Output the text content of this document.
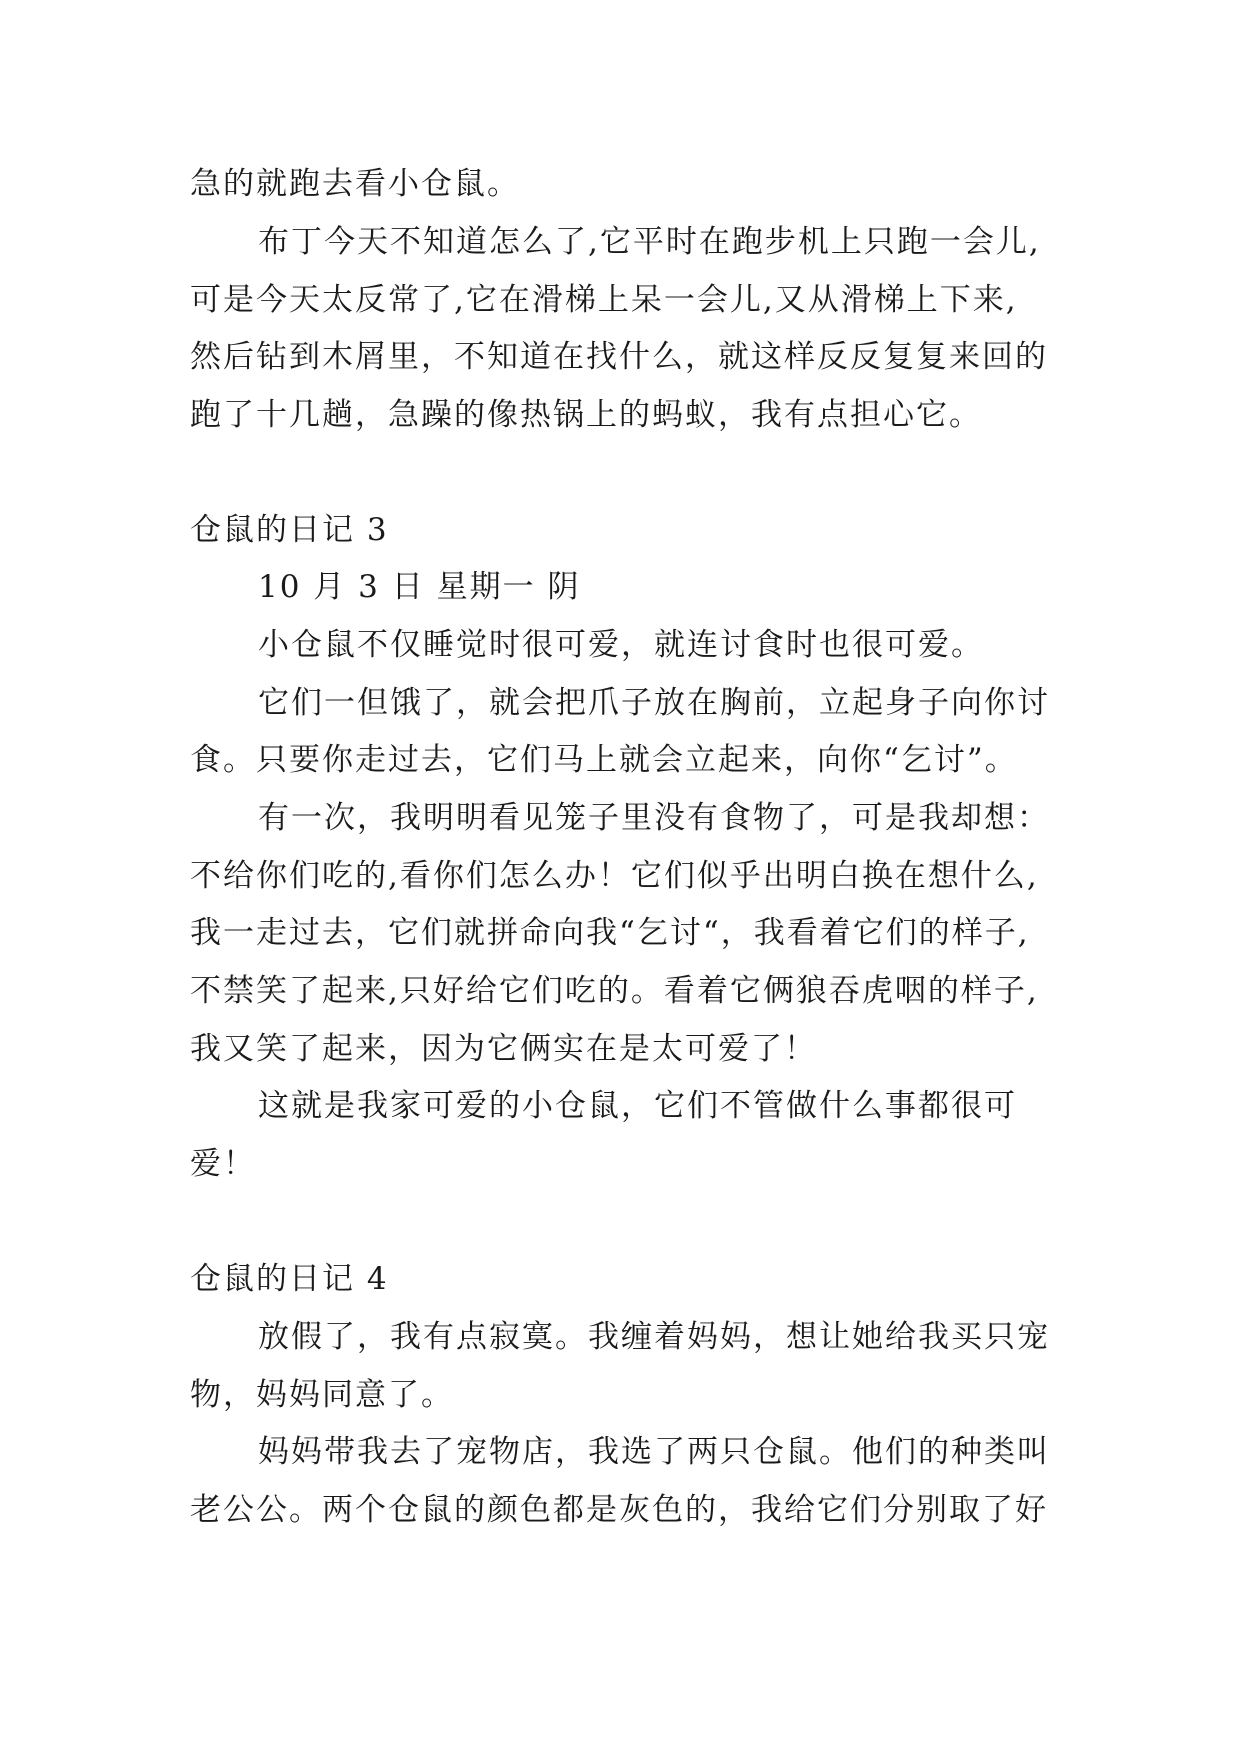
急的就跑去看小仓鼠。
布丁今天不知道怎么了,它平时在跑步机上只跑一会儿,
可是今天太反常了,它在滑梯上呆一会儿,又从滑梯上下来,
然后钻到木屑里，不知道在找什么，就这样反反复复来回的
跑了十几趟，急躁的像热锅上的蚂蚁，我有点担心它。
仓鼠的日记 3
10 月 3 日 星期一 阴
小仓鼠不仅睡觉时很可爱，就连讨食时也很可爱。
它们一但饿了，就会把爪子放在胸前，立起身子向你讨
食。只要你走过去，它们马上就会立起来，向你“乞讨”。
有一次，我明明看见笼子里没有食物了，可是我却想：
不给你们吃的,看你们怎么办！它们似乎出明白换在想什么,
我一走过去，它们就拼命向我“乞讨“，我看着它们的样子,
不禁笑了起来,只好给它们吃的。看着它俩狼吞虎咽的样子,
我又笑了起来，因为它俩实在是太可爱了！
这就是我家可爱的小仓鼠，它们不管做什么事都很可
爱！
仓鼠的日记 4
放假了，我有点寂寞。我缠着妈妈，想让她给我买只宠
物，妈妈同意了。
妈妈带我去了宠物店，我选了两只仓鼠。他们的种类叫
老公公。两个仓鼠的颜色都是灰色的，我给它们分别取了好
